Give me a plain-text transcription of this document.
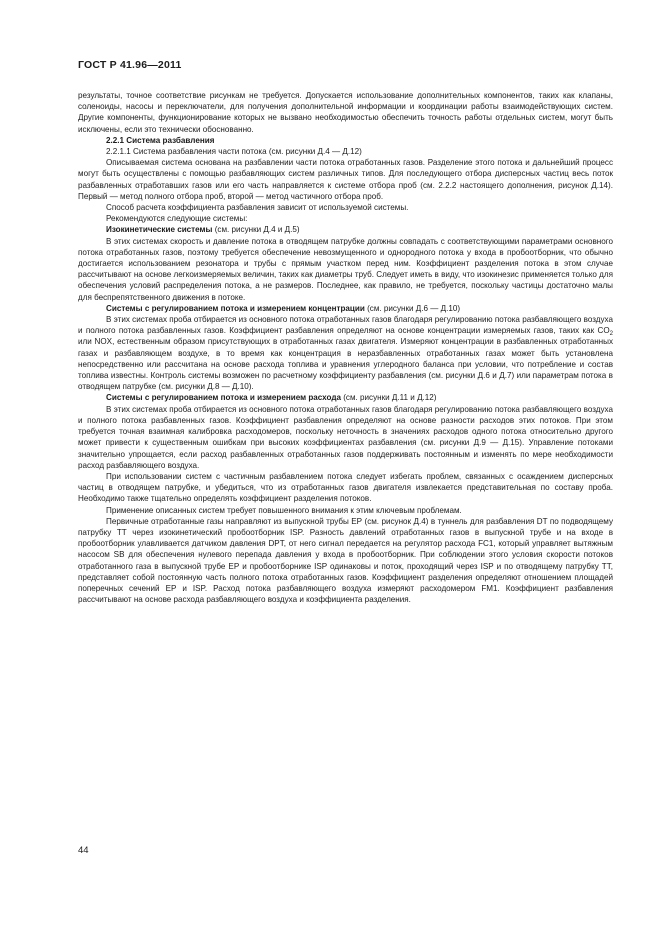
ГОСТ Р 41.96—2011

результаты, точное соответствие рисункам не требуется. Допускается использование дополнительных компонентов, таких как клапаны, соленоиды, насосы и переключатели, для получения дополнительной информации и координации работы взаимодействующих систем. Другие компоненты, функционирование которых не вызвано необходимостью обеспечить точность работы отдельных систем, могут быть исключены, если это технически обоснованно.

2.2.1 Система разбавления

2.2.1.1 Система разбавления части потока (см. рисунки Д.4 — Д.12)

Описываемая система основана на разбавлении части потока отработанных газов. Разделение этого потока и дальнейший процесс могут быть осуществлены с помощью разбавляющих систем различных типов. Для последующего отбора дисперсных частиц весь поток разбавленных отработавших газов или его часть направляется к системе отбора проб (см. 2.2.2 настоящего дополнения, рисунок Д.14). Первый — метод полного отбора проб, второй — метод частичного отбора проб.

Способ расчета коэффициента разбавления зависит от используемой системы.

Рекомендуются следующие системы:

Изокинетические системы (см. рисунки Д.4 и Д.5)

В этих системах скорость и давление потока в отводящем патрубке должны совпадать с соответствующими параметрами основного потока отработанных газов, поэтому требуется обеспечение невозмущенного и однородного потока у входа в пробоотборник, что обычно достигается использованием резонатора и трубы с прямым участком перед ним. Коэффициент разделения потока в этом случае рассчитывают на основе легкоизмеряемых величин, таких как диаметры труб. Следует иметь в виду, что изокинезис применяется только для обеспечения условий распределения потока, а не размеров. Последнее, как правило, не требуется, поскольку частицы достаточно малы для беспрепятственного движения в потоке.

Системы с регулированием потока и измерением концентрации (см. рисунки Д.6 — Д.10)

В этих системах проба отбирается из основного потока отработанных газов благодаря регулированию потока разбавляющего воздуха и полного потока разбавленных газов. Коэффициент разбавления определяют на основе концентрации измеряемых газов, таких как $CO_2$ или NOX, естественным образом присутствующих в отработанных газах двигателя. Измеряют концентрации в разбавленных отработанных газах и разбавляющем воздухе, в то время как концентрация в неразбавленных отработанных газах может быть установлена непосредственно или рассчитана на основе расхода топлива и уравнения углеродного баланса при условии, что потребление и состав топлива известны. Контроль системы возможен по расчетному коэффициенту разбавления (см. рисунки Д.6 и Д.7) или параметрам потока в отводящем патрубке (см. рисунки Д.8 — Д.10).

Системы с регулированием потока и измерением расхода (см. рисунки Д.11 и Д.12)

В этих системах проба отбирается из основного потока отработанных газов благодаря регулированию потока разбавляющего воздуха и полного потока разбавленных газов. Коэффициент разбавления определяют на основе разности расходов этих потоков. При этом требуется точная взаимная калибровка расходомеров, поскольку неточность в значениях расходов одного потока относительно другого может привести к существенным ошибкам при высоких коэффициентах разбавления (см. рисунки Д.9 — Д.15). Управление потоками значительно упрощается, если расход разбавленных отработанных газов поддерживать постоянным и изменять по мере необходимости расход разбавляющего воздуха.

При использовании систем с частичным разбавлением потока следует избегать проблем, связанных с осаждением дисперсных частиц в отводящем патрубке, и убедиться, что из отработанных газов двигателя извлекается представительная по составу проба. Необходимо также тщательно определять коэффициент разделения потоков.

Применение описанных систем требует повышенного внимания к этим ключевым проблемам.

Первичные отработанные газы направляют из выпускной трубы ЕР (см. рисунок Д.4) в туннель для разбавления DT по подводящему патрубку ТТ через изокинетический пробоотборник ISP. Разность давлений отработанных газов в выпускной трубе и на входе в пробоотборник улавливается датчиком давления DPT, от него сигнал передается на регулятор расхода FC1, который управляет вытяжным насосом SB для обеспечения нулевого перепада давления у входа в пробоотборник. При соблюдении этого условия скорости потоков отработанного газа в выпускной трубе ЕР и пробоотборнике ISP одинаковы и поток, проходящий через ISP и по отводящему патрубку TT, представляет собой постоянную часть полного потока отработанных газов. Коэффициент разделения определяют отношением площадей поперечных сечений ЕР и ISP. Расход потока разбавляющего воздуха измеряют расходомером FM1. Коэффициент разбавления рассчитывают на основе расхода разбавляющего воздуха и коэффициента разделения.

44
